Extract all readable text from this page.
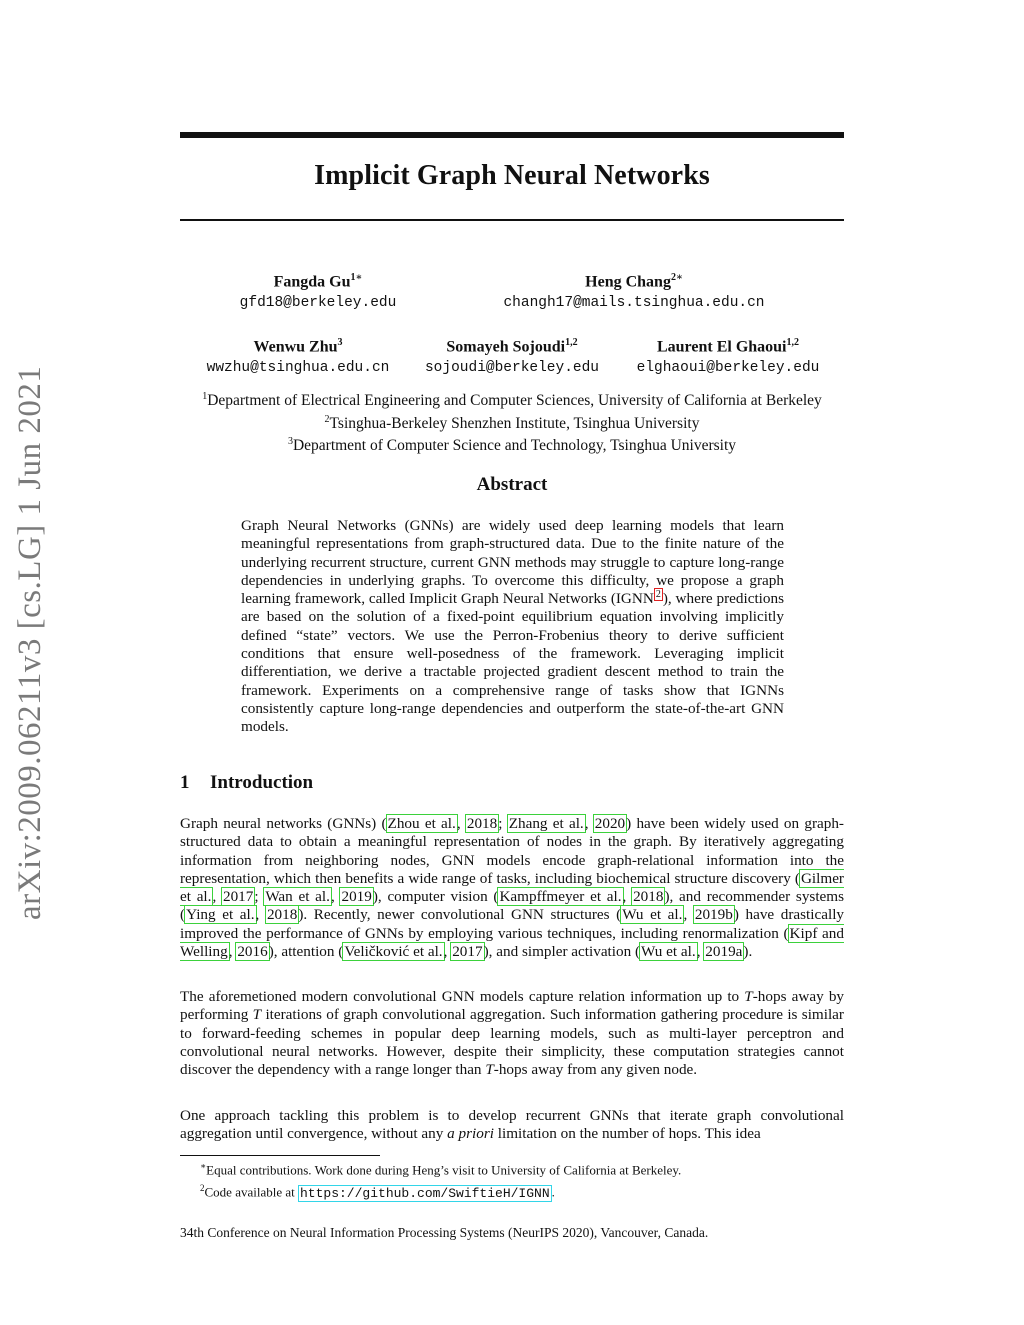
arXiv:2009.06211v3 [cs.LG] 1 Jun 2021
Implicit Graph Neural Networks
Fangda $Gu^{1∗}$
gfd18@berkeley.edu
Heng Chang$^{2∗}$
changh17@mails.tsinghua.edu.cn
Wenwu Zhu$^3$
wwzhu@tsinghua.edu.cn
Somayeh Sojoudi$^{1,2}$
sojoudi@berkeley.edu
Laurent El Ghaoui$^{1,2}$
elghaoui@berkeley.edu
$^1$Department of Electrical Engineering and Computer Sciences, University of California at Berkeley
$^2$Tsinghua-Berkeley Shenzhen Institute, Tsinghua University
$^3$Department of Computer Science and Technology, Tsinghua University
Abstract
Graph Neural Networks (GNNs) are widely used deep learning models that learn meaningful representations from graph-structured data. Due to the finite nature of the underlying recurrent structure, current GNN methods may struggle to capture long-range dependencies in underlying graphs. To overcome this difficulty, we propose a graph learning framework, called Implicit Graph Neural Networks (IGNN $^2$ ), where predictions are based on the solution of a fixed-point equilibrium equation involving implicitly defined “state” vectors. We use the Perron-Frobenius theory to derive sufficient conditions that ensure well-posedness of the framework. Leveraging implicit differentiation, we derive a tractable projected gradient descent method to train the framework. Experiments on a comprehensive range of tasks show that IGNNs consistently capture long-range dependencies and outperform the state-of-the-art GNN models.
1 Introduction
Graph neural networks (GNNs) (Zhou et al., 2018; Zhang et al., 2020) have been widely used on graph-structured data to obtain a meaningful representation of nodes in the graph. By iteratively aggregating information from neighboring nodes, GNN models encode graph-relational information into the representation, which then benefits a wide range of tasks, including biochemical structure discovery (Gilmer et al., 2017; Wan et al., 2019), computer vision (Kampffmeyer et al., 2018), and recommender systems (Ying et al., 2018). Recently, newer convolutional GNN structures (Wu et al., 2019b) have drastically improved the performance of GNNs by employing various techniques, including renormalization (Kipf and Welling, 2016), attention (Veličković et al., 2017), and simpler activation (Wu et al., 2019a).
The aforemetioned modern convolutional GNN models capture relation information up to T-hops away by performing T iterations of graph convolutional aggregation. Such information gathering procedure is similar to forward-feeding schemes in popular deep learning models, such as multi-layer perceptron and convolutional neural networks. However, despite their simplicity, these computation strategies cannot discover the dependency with a range longer than T-hops away from any given node.
One approach tackling this problem is to develop recurrent GNNs that iterate graph convolutional aggregation until convergence, without any a priori limitation on the number of hops. This idea
∗Equal contributions. Work done during Heng’s visit to University of California at Berkeley.
$^2$Code available at https://github.com/SwiftieH/IGNN .
34th Conference on Neural Information Processing Systems (NeurIPS 2020), Vancouver, Canada.
